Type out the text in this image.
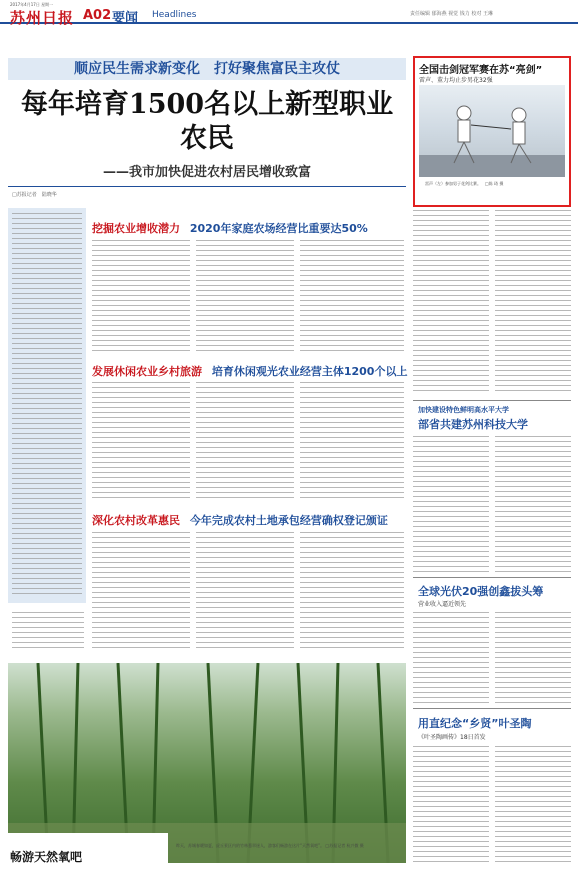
2017年4月17日 星期一
苏州日报 A02 要闻 Headlines	责任编辑 郁海燕 视觉 钱力 校对 王琳
顺应民生需求新变化　打好聚焦富民主攻仗
每年培育1500名以上新型职业农民
——我市加快促进农村居民增收致富
□苏报记者　陆晓华
挖掘农业增收潜力 2020年家庭农场经营比重要达50%
发展休闲农业乡村旅游 培育休闲观光农业经营主体1200个以上
深化农村改革惠民 今年完成农村土地承包经营确权登记颁证
畅游天然氧吧
昨天，苏城春暖如夏，虎丘景区内的竹林葱翠迷人，游客们畅游在这片“天然氧吧”。 □苏报记者 杭兴微 摄
全国击剑冠军赛在苏“亮剑”
雷声、董力均止步男花32强
雷声（左）参加男子花剑比赛。　□陈 琦 摄
加快建设特色鲜明高水平大学
部省共建苏州科技大学
全球光伏20强创鑫拔头筹
营业收入逼近领先
用直纪念“乡贤”叶圣陶
《叶圣陶画传》18日首发
